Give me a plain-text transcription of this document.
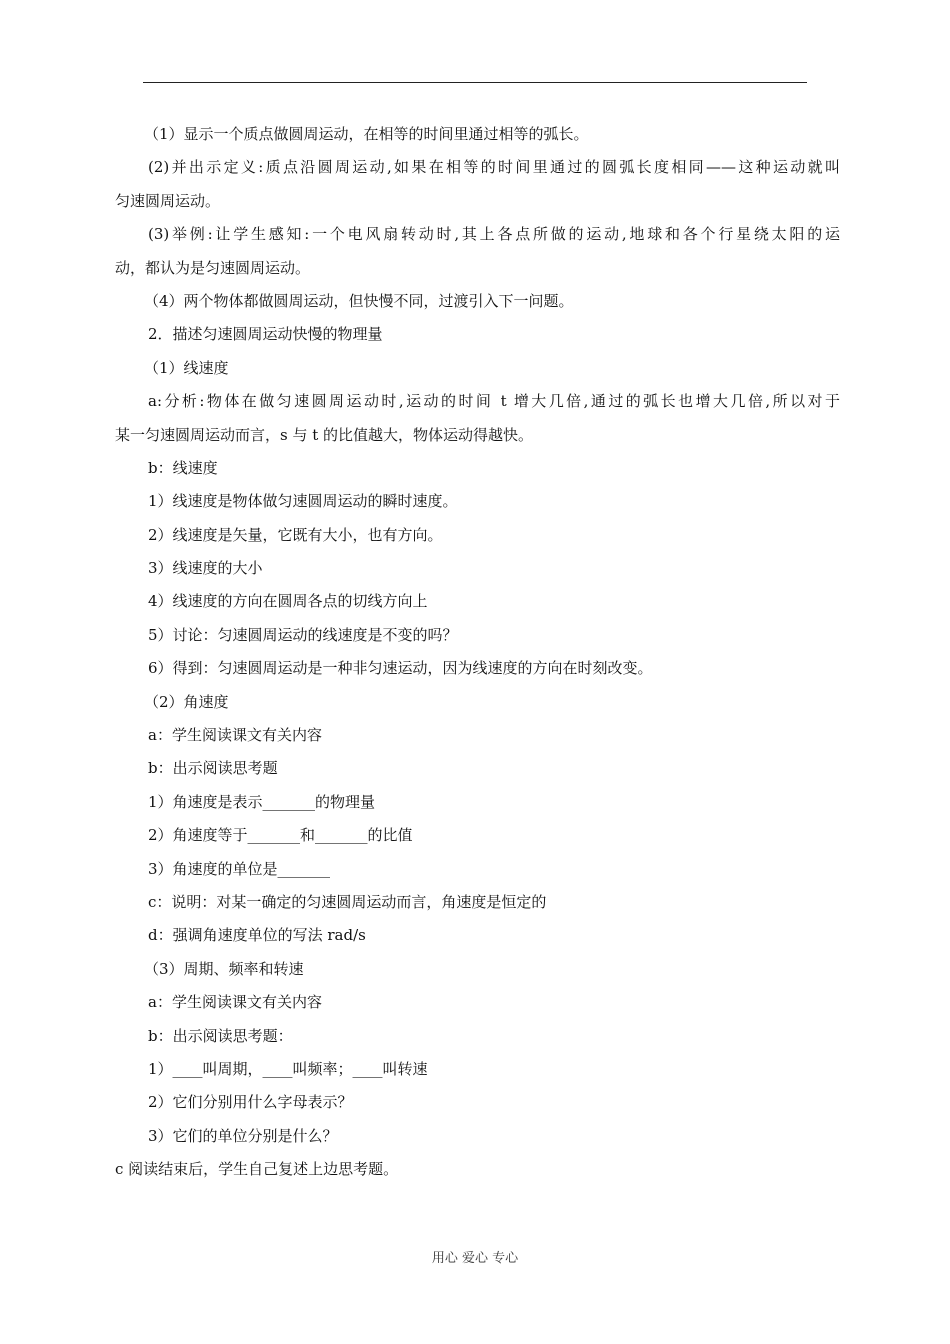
（1）显示一个质点做圆周运动，在相等的时间里通过相等的弧长。
(2)并出示定义:质点沿圆周运动,如果在相等的时间里通过的圆弧长度相同——这种运动就叫
匀速圆周运动。
(3)举例:让学生感知:一个电风扇转动时,其上各点所做的运动,地球和各个行星绕太阳的运
动，都认为是匀速圆周运动。
（4）两个物体都做圆周运动，但快慢不同，过渡引入下一问题。
2．描述匀速圆周运动快慢的物理量
（1）线速度
a:分析:物体在做匀速圆周运动时,运动的时间 t 增大几倍,通过的弧长也增大几倍,所以对于
某一匀速圆周运动而言，s 与 t 的比值越大，物体运动得越快。
b：线速度
1）线速度是物体做匀速圆周运动的瞬时速度。
2）线速度是矢量，它既有大小，也有方向。
3）线速度的大小
4）线速度的方向在圆周各点的切线方向上
5）讨论：匀速圆周运动的线速度是不变的吗？
6）得到：匀速圆周运动是一种非匀速运动，因为线速度的方向在时刻改变。
（2）角速度
a：学生阅读课文有关内容
b：出示阅读思考题
1）角速度是表示_______的物理量
2）角速度等于_______和_______的比值
3）角速度的单位是_______
c：说明：对某一确定的匀速圆周运动而言，角速度是恒定的
d：强调角速度单位的写法 rad/s
（3）周期、频率和转速
a：学生阅读课文有关内容
b：出示阅读思考题：
1）____叫周期，____叫频率；____叫转速
2）它们分别用什么字母表示？
3）它们的单位分别是什么？
c 阅读结束后，学生自己复述上边思考题。
用心 爱心 专心
